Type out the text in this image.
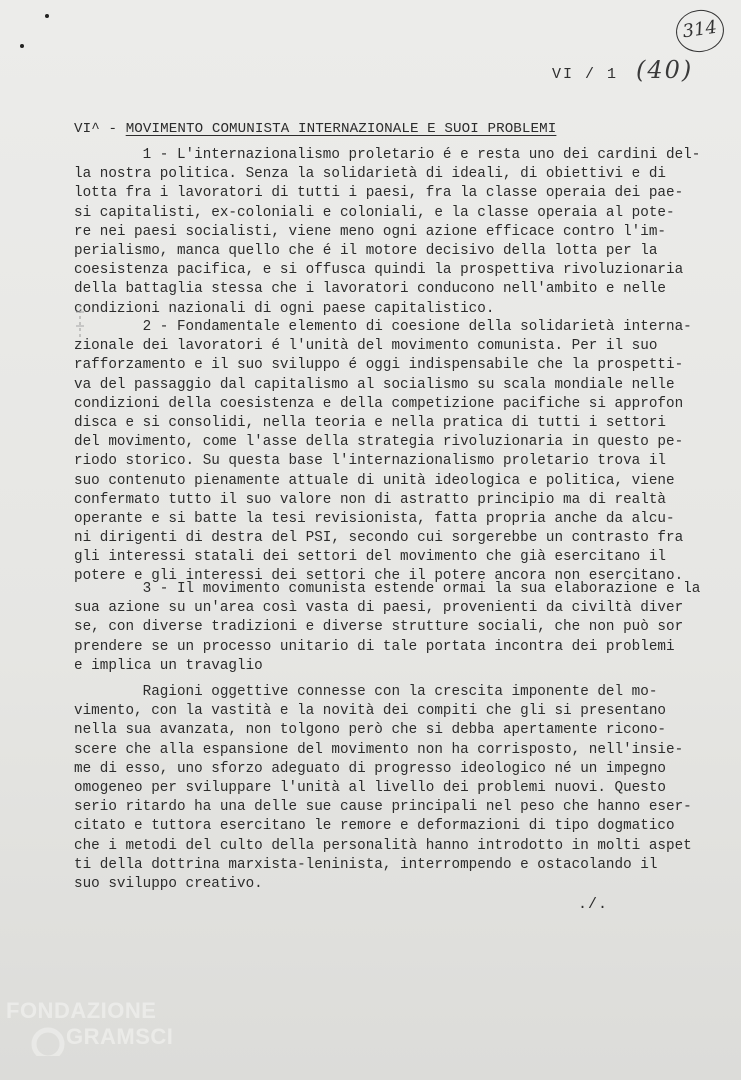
314
VI / 1 (40)
VI^ - MOVIMENTO COMUNISTA INTERNAZIONALE E SUOI PROBLEMI
1 - L'internazionalismo proletario é e resta uno dei cardini del-
la nostra politica. Senza la solidarietà di ideali, di obiettivi e di
lotta fra i lavoratori di tutti i paesi, fra la classe operaia dei pae-
si capitalisti, ex-coloniali e coloniali, e la classe operaia al pote-
re nei paesi socialisti, viene meno ogni azione efficace contro l'im-
perialismo, manca quello che é il motore decisivo della lotta per la
coesistenza pacifica, e si offusca quindi la prospettiva rivoluzionaria
della battaglia stessa che i lavoratori conducono nell'ambito e nelle
condizioni nazionali di ogni paese capitalistico.
2 - Fondamentale elemento di coesione della solidarietà interna-
zionale dei lavoratori é l'unità del movimento comunista. Per il suo
rafforzamento e il suo sviluppo é oggi indispensabile che la prospetti-
va del passaggio dal capitalismo al socialismo su scala mondiale nelle
condizioni della coesistenza e della competizione pacifiche si approfon
disca e si consolidi, nella teoria e nella pratica di tutti i settori
del movimento, come l'asse della strategia rivoluzionaria in questo pe-
riodo storico. Su questa base l'internazionalismo proletario trova il
suo contenuto pienamente attuale di unità ideologica e politica, viene
confermato tutto il suo valore non di astratto principio ma di realtà
operante e si batte la tesi revisionista, fatta propria anche da alcu-
ni dirigenti di destra del PSI, secondo cui sorgerebbe un contrasto fra
gli interessi statali dei settori del movimento che già esercitano il
potere e gli interessi dei settori che il potere ancora non esercitano.
3 - Il movimento comunista estende ormai la sua elaborazione e la
sua azione su un'area così vasta di paesi, provenienti da civiltà diver
se, con diverse tradizioni e diverse strutture sociali, che non può sor
prendere se un processo unitario di tale portata incontra dei problemi
e implica un travaglio
Ragioni oggettive connesse con la crescita imponente del mo-
vimento, con la vastità e la novità dei compiti che gli si presentano
nella sua avanzata, non tolgono però che si debba apertamente ricono-
scere che alla espansione del movimento non ha corrisposto, nell'insie-
me di esso, uno sforzo adeguato di progresso ideologico né un impegno
omogeneo per sviluppare l'unità al livello dei problemi nuovi. Questo
serio ritardo ha una delle sue cause principali nel peso che hanno eser-
citato e tuttora esercitano le remore e deformazioni di tipo dogmatico
che i metodi del culto della personalità hanno introdotto in molti aspet
ti della dottrina marxista-leninista, interrompendo e ostacolando il
suo sviluppo creativo.
./.
FONDAZIONE
GRAMSCI
